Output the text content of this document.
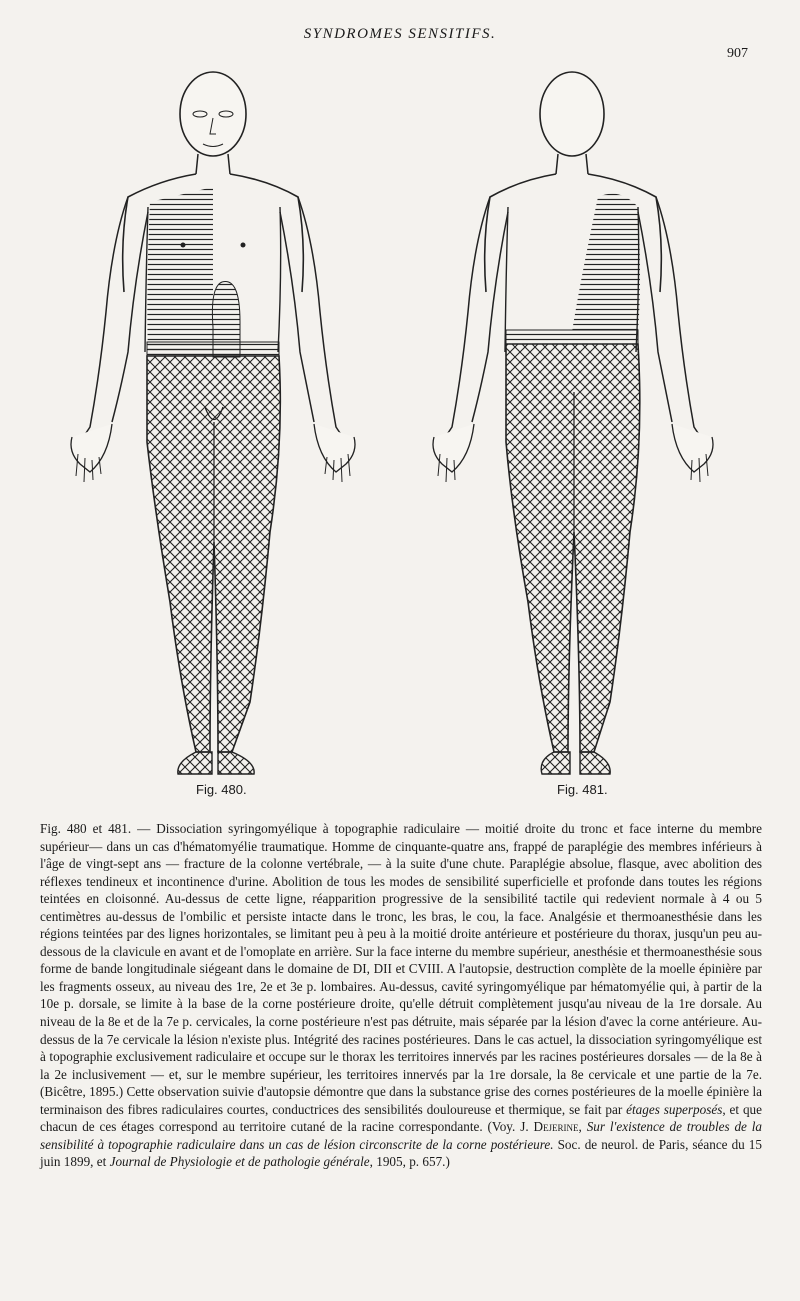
SYNDROMES SENSITIFS.
907
Fig. 480.	Fig. 481.

Fig. 480 et 481. — Dissociation syringomyélique à topographie radiculaire — moitié droite du tronc et face interne du membre supérieur— dans un cas d'hématomyélie traumatique. Homme de cinquante-quatre ans, frappé de paraplégie des membres inférieurs à l'âge de vingt-sept ans — fracture de la colonne vertébrale, — à la suite d'une chute. Paraplégie absolue, flasque, avec abolition des réflexes tendineux et incontinence d'urine. Abolition de tous les modes de sensibilité superficielle et profonde dans toutes les régions teintées en cloisonné. Au-dessus de cette ligne, réapparition progressive de la sensibilité tactile qui redevient normale à 4 ou 5 centimètres au-dessus de l'ombilic et persiste intacte dans le tronc, les bras, le cou, la face. Analgésie et thermoanesthésie dans les régions teintées par des lignes horizontales, se limitant peu à peu à la moitié droite antérieure et postérieure du thorax, jusqu'un peu au-dessous de la clavicule en avant et de l'omoplate en arrière. Sur la face interne du membre supérieur, anesthésie et thermoanesthésie sous forme de bande longitudinale siégeant dans le domaine de DI, DII et CVIII. A l'autopsie, destruction complète de la moelle épinière par les fragments osseux, au niveau des 1re, 2e et 3e p. lombaires. Au-dessus, cavité syringomyélique par hématomyélie qui, à partir de la 10e p. dorsale, se limite à la base de la corne postérieure droite, qu'elle détruit complètement jusqu'au niveau de la 1re dorsale. Au niveau de la 8e et de la 7e p. cervicales, la corne postérieure n'est pas détruite, mais séparée par la lésion d'avec la corne antérieure. Au-dessus de la 7e cervicale la lésion n'existe plus. Intégrité des racines postérieures. Dans le cas actuel, la dissociation syringomyélique est à topographie exclusivement radiculaire et occupe sur le thorax les territoires innervés par les racines postérieures dorsales — de la 8e à la 2e inclusivement — et, sur le membre supérieur, les territoires innervés par la 1re dorsale, la 8e cervicale et une partie de la 7e. (Bicêtre, 1895.) Cette observation suivie d'autopsie démontre que dans la substance grise des cornes postérieures de la moelle épinière la terminaison des fibres radiculaires courtes, conductrices des sensibilités douloureuse et thermique, se fait par étages superposés, et que chacun de ces étages correspond au territoire cutané de la racine correspondante. (Voy. J. Dejerine, Sur l'existence de troubles de la sensibilité à topographie radiculaire dans un cas de lésion circonscrite de la corne postérieure. Soc. de neurol. de Paris, séance du 15 juin 1899, et Journal de Physiologie et de pathologie générale, 1905, p. 657.)
